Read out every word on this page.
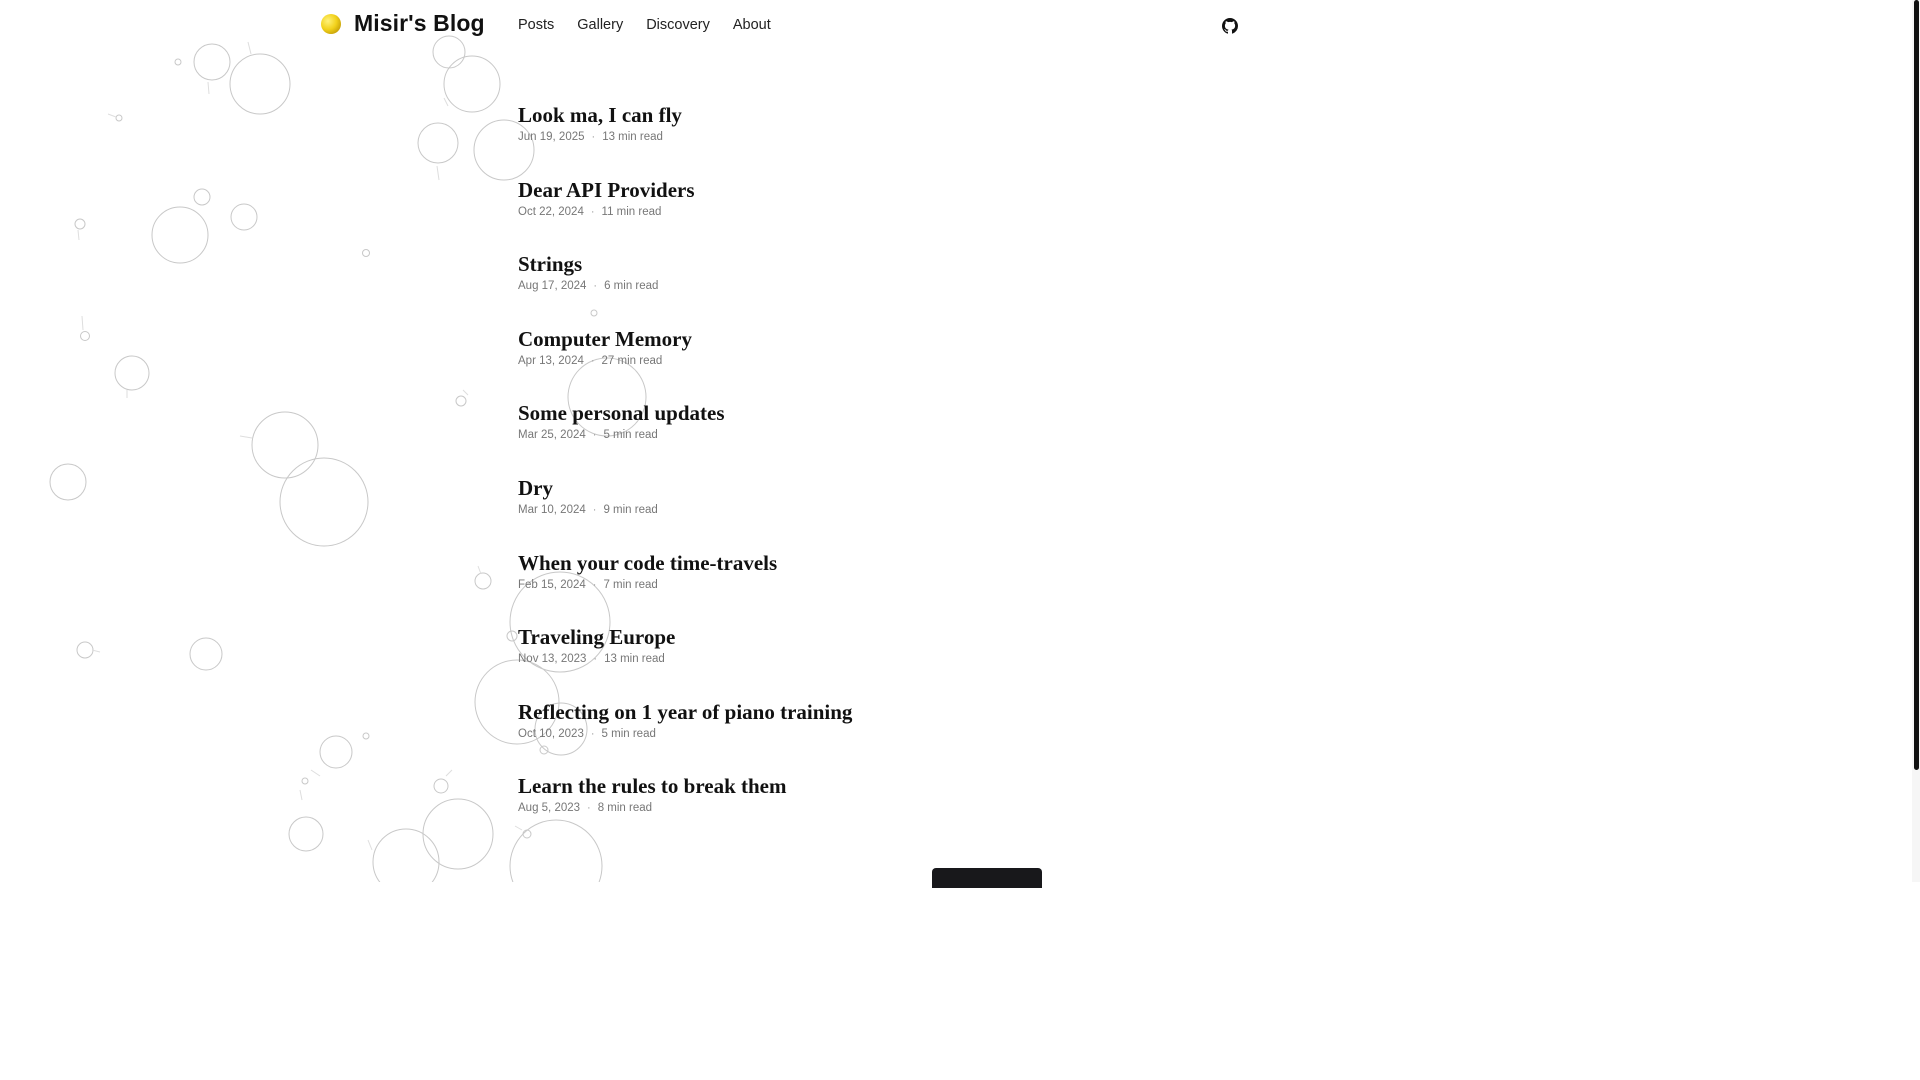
Misir's Blog Posts Gallery Discovery About
Look ma, I can fly
Jun 19, 2025 · 13 min read
Dear API Providers
Oct 22, 2024 · 11 min read
Strings
Aug 17, 2024 · 6 min read
Computer Memory
Apr 13, 2024 · 27 min read
Some personal updates
Mar 25, 2024 · 5 min read
Dry
Mar 10, 2024 · 9 min read
When your code time-travels
Feb 15, 2024 · 7 min read
Traveling Europe
Nov 13, 2023 · 13 min read
Reflecting on 1 year of piano training
Oct 10, 2023 · 5 min read
Learn the rules to break them
Aug 5, 2023 · 8 min read
